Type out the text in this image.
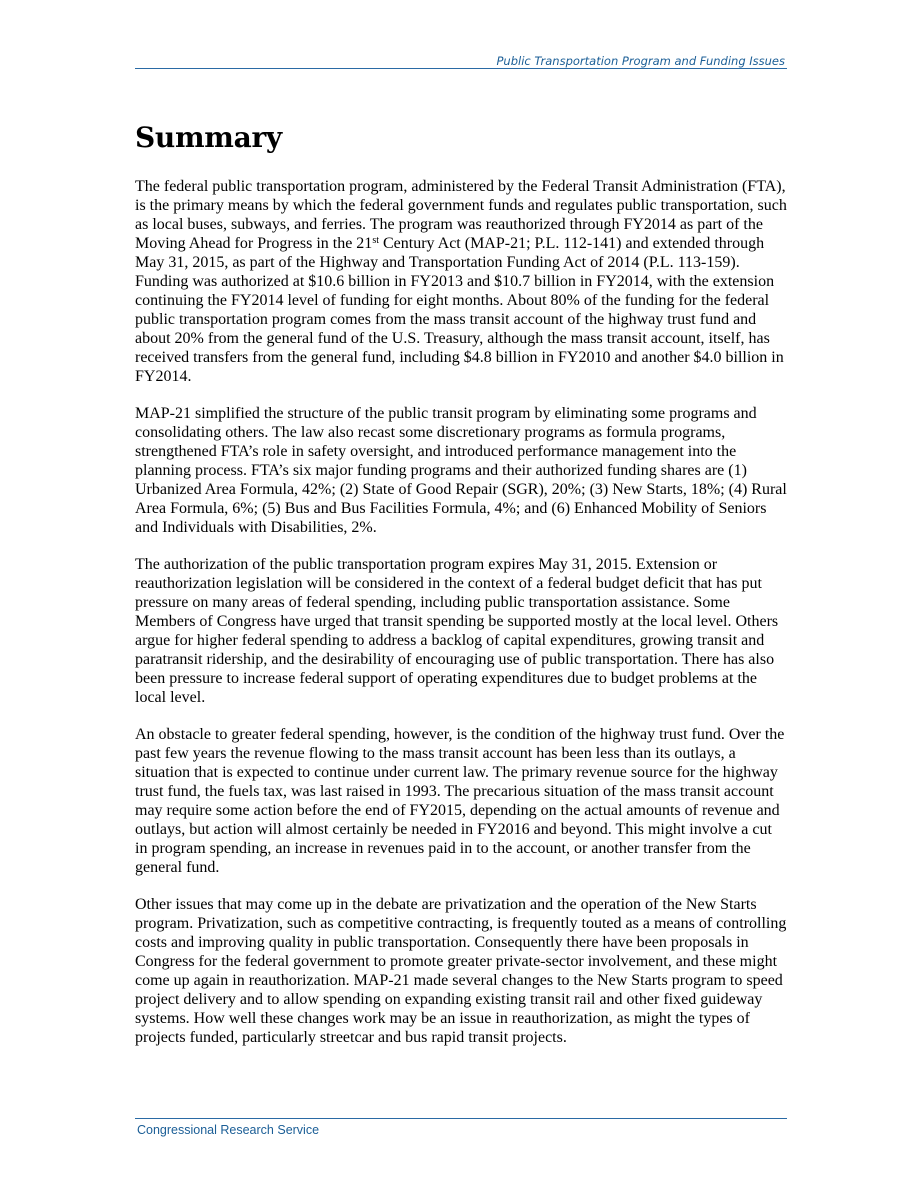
Public Transportation Program and Funding Issues
Summary

The federal public transportation program, administered by the Federal Transit Administration (FTA), is the primary means by which the federal government funds and regulates public transportation, such as local buses, subways, and ferries. The program was reauthorized through FY2014 as part of the Moving Ahead for Progress in the 21st Century Act (MAP-21; P.L. 112-141) and extended through May 31, 2015, as part of the Highway and Transportation Funding Act of 2014 (P.L. 113-159). Funding was authorized at $10.6 billion in FY2013 and $10.7 billion in FY2014, with the extension continuing the FY2014 level of funding for eight months. About 80% of the funding for the federal public transportation program comes from the mass transit account of the highway trust fund and about 20% from the general fund of the U.S. Treasury, although the mass transit account, itself, has received transfers from the general fund, including $4.8 billion in FY2010 and another $4.0 billion in FY2014.

MAP-21 simplified the structure of the public transit program by eliminating some programs and consolidating others. The law also recast some discretionary programs as formula programs, strengthened FTA’s role in safety oversight, and introduced performance management into the planning process. FTA’s six major funding programs and their authorized funding shares are (1) Urbanized Area Formula, 42%; (2) State of Good Repair (SGR), 20%; (3) New Starts, 18%; (4) Rural Area Formula, 6%; (5) Bus and Bus Facilities Formula, 4%; and (6) Enhanced Mobility of Seniors and Individuals with Disabilities, 2%.

The authorization of the public transportation program expires May 31, 2015. Extension or reauthorization legislation will be considered in the context of a federal budget deficit that has put pressure on many areas of federal spending, including public transportation assistance. Some Members of Congress have urged that transit spending be supported mostly at the local level. Others argue for higher federal spending to address a backlog of capital expenditures, growing transit and paratransit ridership, and the desirability of encouraging use of public transportation. There has also been pressure to increase federal support of operating expenditures due to budget problems at the local level.

An obstacle to greater federal spending, however, is the condition of the highway trust fund. Over the past few years the revenue flowing to the mass transit account has been less than its outlays, a situation that is expected to continue under current law. The primary revenue source for the highway trust fund, the fuels tax, was last raised in 1993. The precarious situation of the mass transit account may require some action before the end of FY2015, depending on the actual amounts of revenue and outlays, but action will almost certainly be needed in FY2016 and beyond. This might involve a cut in program spending, an increase in revenues paid in to the account, or another transfer from the general fund.

Other issues that may come up in the debate are privatization and the operation of the New Starts program. Privatization, such as competitive contracting, is frequently touted as a means of controlling costs and improving quality in public transportation. Consequently there have been proposals in Congress for the federal government to promote greater private-sector involvement, and these might come up again in reauthorization. MAP-21 made several changes to the New Starts program to speed project delivery and to allow spending on expanding existing transit rail and other fixed guideway systems. How well these changes work may be an issue in reauthorization, as might the types of projects funded, particularly streetcar and bus rapid transit projects.

Congressional Research Service
